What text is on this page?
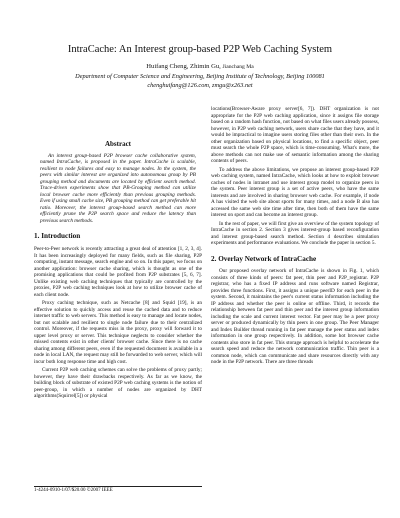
IntraCache: An Interest group-based P2P Web Caching System
Huifang Cheng, Zhimin Gu, Jianchang Ma
Department of Computer Science and Engineering, Beijing Institute of Technology, Beijing 100081
chenghuifang@126.com, zmgu@x263.net
Abstract

An interest group-based P2P browser cache collaborative system, named IntraCache, is proposed in the paper. IntraCache is scalable, resilient to node failures and easy to manage nodes. In the system, the peers with similar interest are organized into autonomous group by PB grouping method and documents are located by efficient search method. Trace-driven experiments show that PB-Grouping method can utilize local browser cache more efficiently than previous grouping methods. Even if using small cache size, PB grouping method can get preferable hit ratio. Moreover, the interest group-based search method can more efficiently prune the P2P search space and reduce the latency than previous search methods.

1. Introduction

Peer-to-Peer network is recently attracting a great deal of attention [1, 2, 3, 4]. It has been increasingly deployed for many fields, such as file sharing, P2P computing, instant message, search engine and so on. In this paper, we focus on another application: browser cache sharing, which is thought as one of the promising applications that could be profited from P2P substrates [5, 6, 7]. Unlike existing web caching techniques that typically are controlled by the proxies, P2P web caching techniques look at how to utilize browser cache of each client node.

Proxy caching technique, such as Netcache [8] and Squid [19], is an effective solution to quickly access and reuse the cached data and to reduce internet traffic to web servers. This method is easy to manage and locate nodes, but not scalable and resilient to single node failure due to their centralized control. Moreover, if the requests miss in the proxy, proxy will forward it to upper level proxy or server. This technique neglects to consider whether the missed contents exist in other clients' browser cache. Since there is no cache sharing among different peers, even if the requested document is available in a node in local LAN, the request may still be forwarded to web server, which will incur both long response time and high cost.

Current P2P web caching schemes can solve the problems of proxy partly; however, they have their drawbacks respectively. As far as we know, the building block of substrate of existed P2P web caching systems is the notion of peer-group, in which a number of nodes are organized by DHT algorithms(Squirrel[5]) or physical

locations(Browser-Aware proxy server[6, 7]). DHT organization is not appropriate for the P2P web caching application, since it assigns file storage based on a random hash function, not based on what files users already possess, however, in P2P web caching network, users share cache that they have, and it would be impractical to imagine users storing files other than their own. In the other organization based on physical locations, to find a specific object, peer must search the whole P2P space, which is time-consuming. What's more, the above methods can not make use of semantic information among the sharing contents of peers.

To address the above limitations, we propose an interest group-based P2P web caching system, named IntraCache, which looks at how to exploit browser caches of nodes in intranet and use interest group model to organize peers in the system. Peer interest group is a set of active peers, who have the same interests and are involved in sharing browser web cache. For example, if node A has visited the web site about sports for many times, and a node B also has accessed the same web site time after time, then both of them have the same interest on sport and can become an interest group.

In the rest of paper, we will first give an overview of the system topology of IntraCache in section 2. Section 3 gives interest-group based reconfiguration and interest group-based search method. Section 4 describes simulation experiments and performance evaluations. We conclude the paper in section 5.

2. Overlay Network of IntraCache

Our proposed overlay network of IntraCache is shown in Fig. 1, which consists of three kinds of peers: fat peer, thin peer and P2P_registrar. P2P registrar, who has a fixed IP address and runs software named Registrar, provides three functions. First, it assigns a unique peerID for each peer in the system. Second, it maintains the peer's current status information including the IP address and whether the peer is online or offline. Third, it records the relationship between fat peer and thin peer and the interest group information including the scale and current interest vector. Fat peer may be a peer proxy server or produced dynamically by thin peers in one group. The Peer Manager and Index Builder thread running in fat peer manage the peer status and index information in one group respectively. In addition, some hot browser cache contents also store in fat peer. This storage approach is helpful to accelerate the search speed and reduce the network communication traffic. Thin peer is a common node, which can communicate and share resources directly with any node in the P2P network. There are three threads

1-4244-0910-1/07/$20.00 ©2007 IEEE
